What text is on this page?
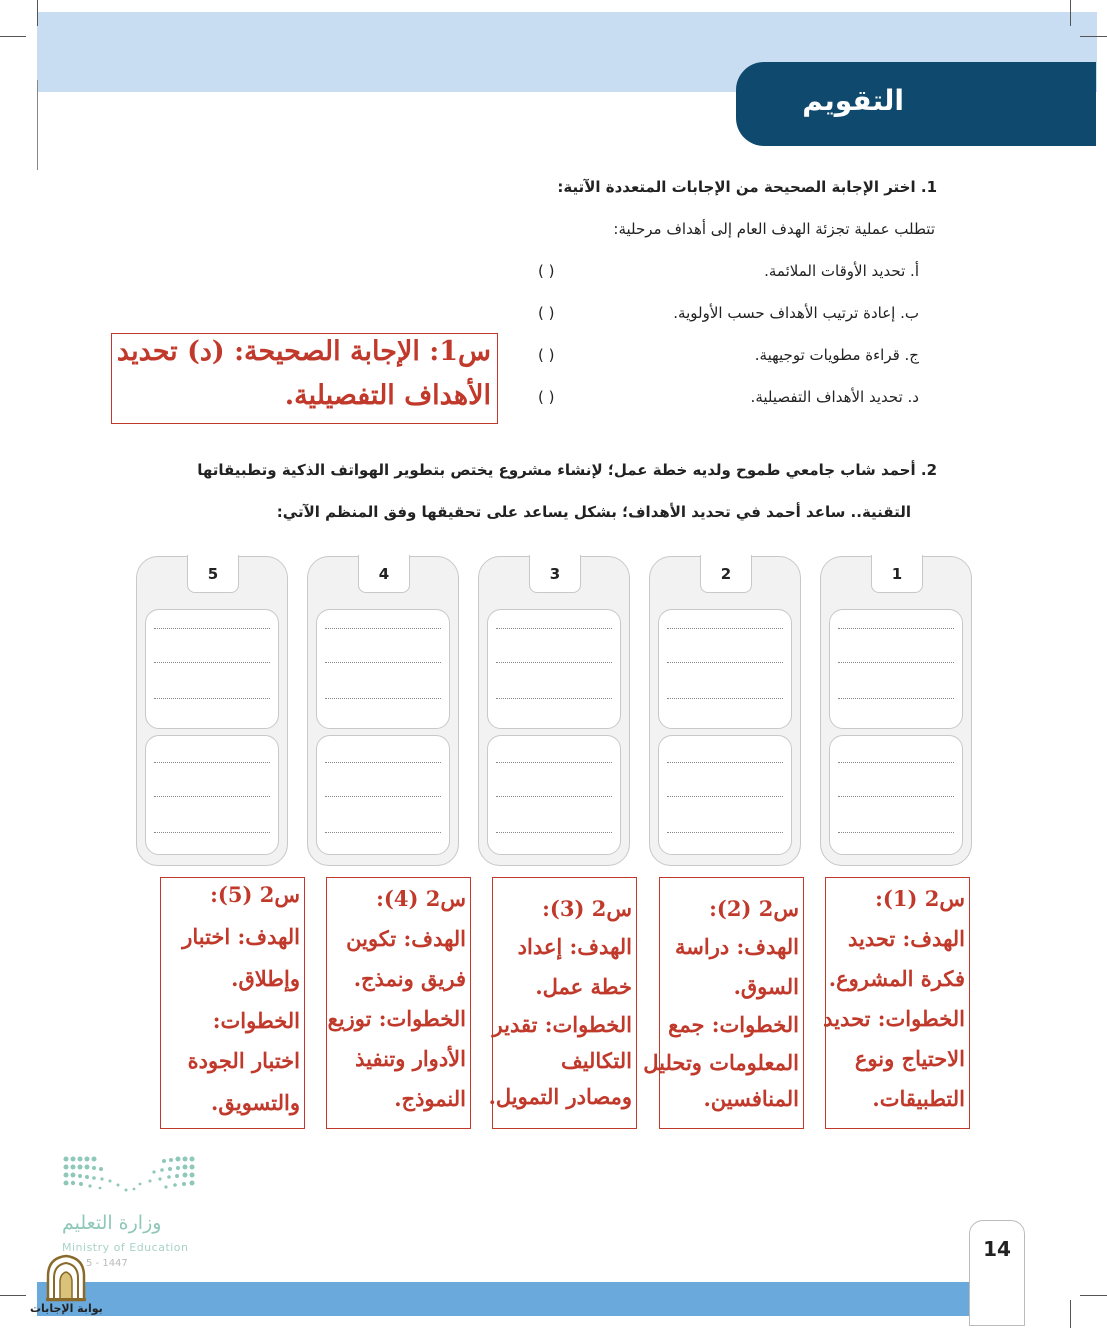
التقويم
1. اختر الإجابة الصحيحة من الإجابات المتعددة الآتية:
تتطلب عملية تجزئة الهدف العام إلى أهداف مرحلية:
أ. تحديد الأوقات الملائمة.
ب. إعادة ترتيب الأهداف حسب الأولوية.
ج. قراءة مطويات توجيهية.
د. تحديد الأهداف التفصيلية.
( )
( )
( )
( )
س1: الإجابة الصحيحة: (د) تحديد
الأهداف التفصيلية.
2. أحمد شاب جامعي طموح ولديه خطة عمل؛ لإنشاء مشروع يختص بتطوير الهواتف الذكية وتطبيقاتها
التقنية.. ساعد أحمد في تحديد الأهداف؛ بشكل يساعد على تحقيقها وفق المنظم الآتي:
1
2
3
4
5
س2 (1):
الهدف: تحديد
فكرة المشروع.
الخطوات: تحديد
الاحتياج ونوع
التطبيقات.
س2 (2):
الهدف: دراسة
السوق.
الخطوات: جمع
المعلومات وتحليل
المنافسين.
س2 (3):
الهدف: إعداد
خطة عمل.
الخطوات: تقدير
التكاليف
ومصادر التمويل.
س2 (4):
الهدف: تكوين
فريق ونمذج.
الخطوات: توزيع
الأدوار وتنفيذ
النموذج.
س2 (5):
الهدف: اختبار
وإطلاق.
الخطوات:
اختبار الجودة
والتسويق.
وزارة التعليم
Ministry of Education
5 - 1447
14
بوابة الإجابات
